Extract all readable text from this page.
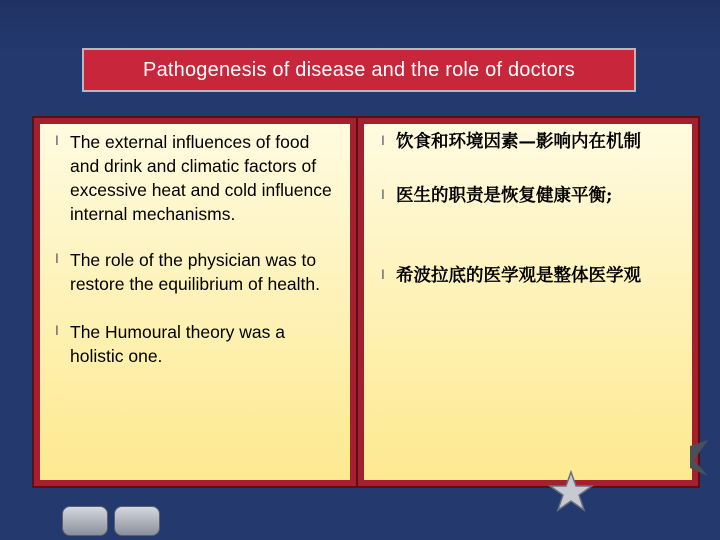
Pathogenesis of disease and the role of doctors
l The external influences of food and drink and climatic factors of excessive heat and cold influence internal mechanisms.
l The role of the physician was to restore the equilibrium of health.
l The Humoural theory was a holistic one.
l 饮食和环境因素—影响内在机制
l 医生的职责是恢复健康平衡;
l 希波拉底的医学观是整体医学观
